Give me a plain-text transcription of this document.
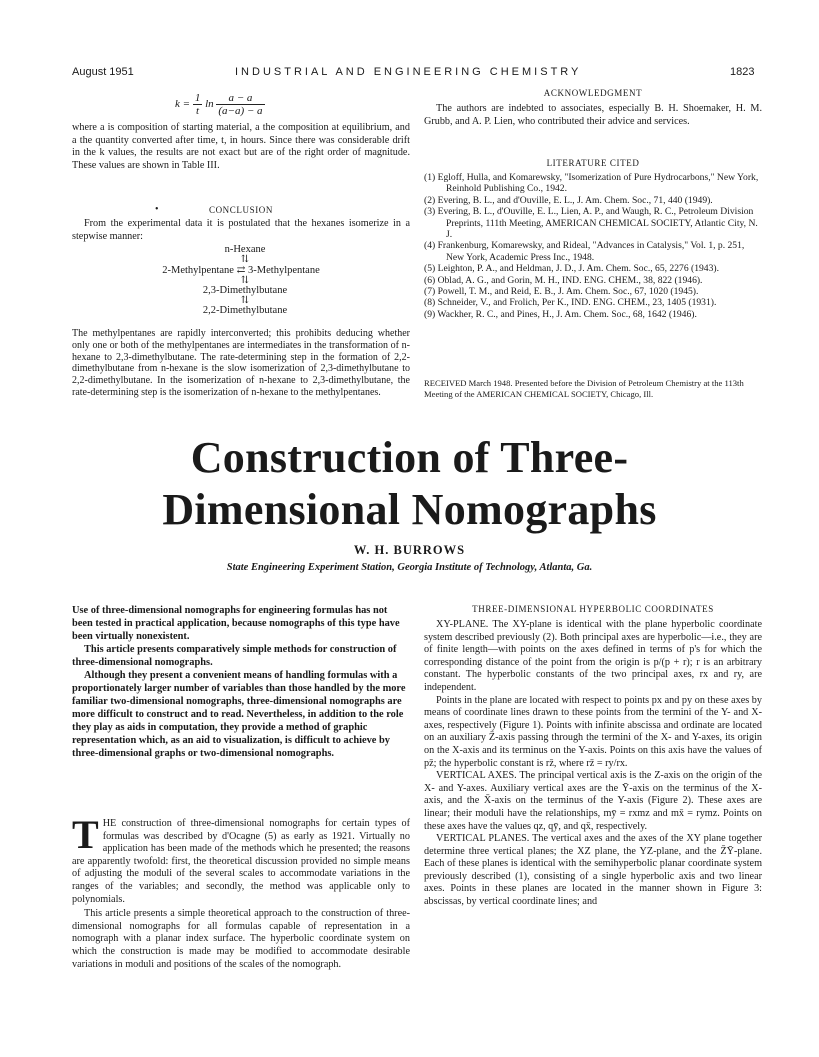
August 1951	INDUSTRIAL AND ENGINEERING CHEMISTRY	1823
$k = \frac{1}{t}$ $\ln \frac{a - a}{(a-a) - a}$
where a is composition of starting material, a the composition at equilibrium, and a the quantity converted after time, t, in hours. Since there was considerable drift in the k values, the results are not exact but are of the right order of magnitude. These values are shown in Table III.
•	CONCLUSION
From the experimental data it is postulated that the hexanes isomerize in a stepwise manner:
n-Hexane
⇅
2-Methylpentane ⇄ 3-Methylpentane
⇅
2,3-Dimethylbutane
⇅
2,2-Dimethylbutane
The methylpentanes are rapidly interconverted; this prohibits deducing whether only one or both of the methylpentanes are intermediates in the transformation of n-hexane to 2,3-dimethylbutane. The rate-determining step in the formation of 2,2-dimethylbutane from n-hexane is the slow isomerization of 2,3-dimethylbutane to 2,2-dimethylbutane. In the isomerization of n-hexane to 2,3-dimethylbutane, the rate-determining step is the isomerization of n-hexane to the methylpentanes.
ACKNOWLEDGMENT
The authors are indebted to associates, especially B. H. Shoemaker, H. M. Grubb, and A. P. Lien, who contributed their advice and services.
LITERATURE CITED

(1) Egloff, Hulla, and Komarewsky, "Isomerization of Pure Hydrocarbons," New York, Reinhold Publishing Co., 1942.

(2) Evering, B. L., and d'Ouville, E. L., J. Am. Chem. Soc., 71, 440 (1949).

(3) Evering, B. L., d'Ouville, E. L., Lien, A. P., and Waugh, R. C., Petroleum Division Preprints, 111th Meeting, AMERICAN CHEMICAL SOCIETY, Atlantic City, N. J.

(4) Frankenburg, Komarewsky, and Rideal, "Advances in Catalysis," Vol. 1, p. 251, New York, Academic Press Inc., 1948.

(5) Leighton, P. A., and Heldman, J. D., J. Am. Chem. Soc., 65, 2276 (1943).

(6) Oblad, A. G., and Gorin, M. H., IND. ENG. CHEM., 38, 822 (1946).

(7) Powell, T. M., and Reid, E. B., J. Am. Chem. Soc., 67, 1020 (1945).

(8) Schneider, V., and Frolich, Per K., IND. ENG. CHEM., 23, 1405 (1931).

(9) Wackher, R. C., and Pines, H., J. Am. Chem. Soc., 68, 1642 (1946).

RECEIVED March 1948. Presented before the Division of Petroleum Chemistry at the 113th Meeting of the AMERICAN CHEMICAL SOCIETY, Chicago, Ill.
Construction of Three-
Dimensional Nomographs
W. H. BURROWS
State Engineering Experiment Station, Georgia Institute of Technology, Atlanta, Ga.

Use of three-dimensional nomographs for engineering formulas has not been tested in practical application, because nomographs of this type have been virtually nonexistent.

This article presents comparatively simple methods for construction of three-dimensional nomographs.

Although they present a convenient means of handling formulas with a proportionately larger number of variables than those handled by the more familiar two-dimensional nomographs, three-dimensional nomographs are more difficult to construct and to read. Nevertheless, in addition to the role they play as aids in computation, they provide a method of graphic representation which, as an aid to visualization, is difficult to achieve by three-dimensional graphs or two-dimensional nomographs.

T HE construction of three-dimensional nomographs for certain types of formulas was described by d'Ocagne (5) as early as 1921. Virtually no application has been made of the methods which he presented; the reasons are apparently twofold: first, the theoretical discussion provided no simple means of adjusting the moduli of the several scales to accommodate variations in the ranges of the variables; and secondly, the method was applicable only to polynomials.

This article presents a simple theoretical approach to the construction of three-dimensional nomographs for all formulas capable of representation in a nomograph with a planar index surface. The hyperbolic coordinate system on which the construction is made may be modified to accommodate desirable variations in moduli and positions of the scales of the nomograph.

THREE-DIMENSIONAL HYPERBOLIC COORDINATES

XY-PLANE. The XY-plane is identical with the plane hyperbolic coordinate system described previously (2). Both principal axes are hyperbolic—i.e., they are of finite length—with points on the axes defined in terms of p's for which the corresponding distance of the point from the origin is p/(p + r); r is an arbitrary constant. The hyperbolic constants of the two principal axes, rx and ry, are independent.

Points in the plane are located with respect to points px and py on these axes by means of coordinate lines drawn to these points from the termini of the Y- and X-axes, respectively (Figure 1). Points with infinite abscissa and ordinate are located on an auxiliary Z̄-axis passing through the termini of the X- and Y-axes, its origin on the X-axis and its terminus on the Y-axis. Points on this axis have the values of pz̄; the hyperbolic constant is rz̄, where rz̄ = ry/rx.

VERTICAL AXES. The principal vertical axis is the Z-axis on the origin of the X- and Y-axes. Auxiliary vertical axes are the Ȳ-axis on the terminus of the X-axis, and the X̄-axis on the terminus of the Y-axis (Figure 2). These axes are linear; their moduli have the relationships, mȳ = rxmz and mx̄ = rymz. Points on these axes have the values qz, qȳ, and qx̄, respectively.

VERTICAL PLANES. The vertical axes and the axes of the XY plane together determine three vertical planes; the XZ plane, the YZ-plane, and the Z̄Ȳ-plane. Each of these planes is identical with the semihyperbolic planar coordinate system previously described (1), consisting of a single hyperbolic axis and two linear axes. Points in these planes are located in the manner shown in Figure 3: abscissas, by vertical coordinate lines; and
